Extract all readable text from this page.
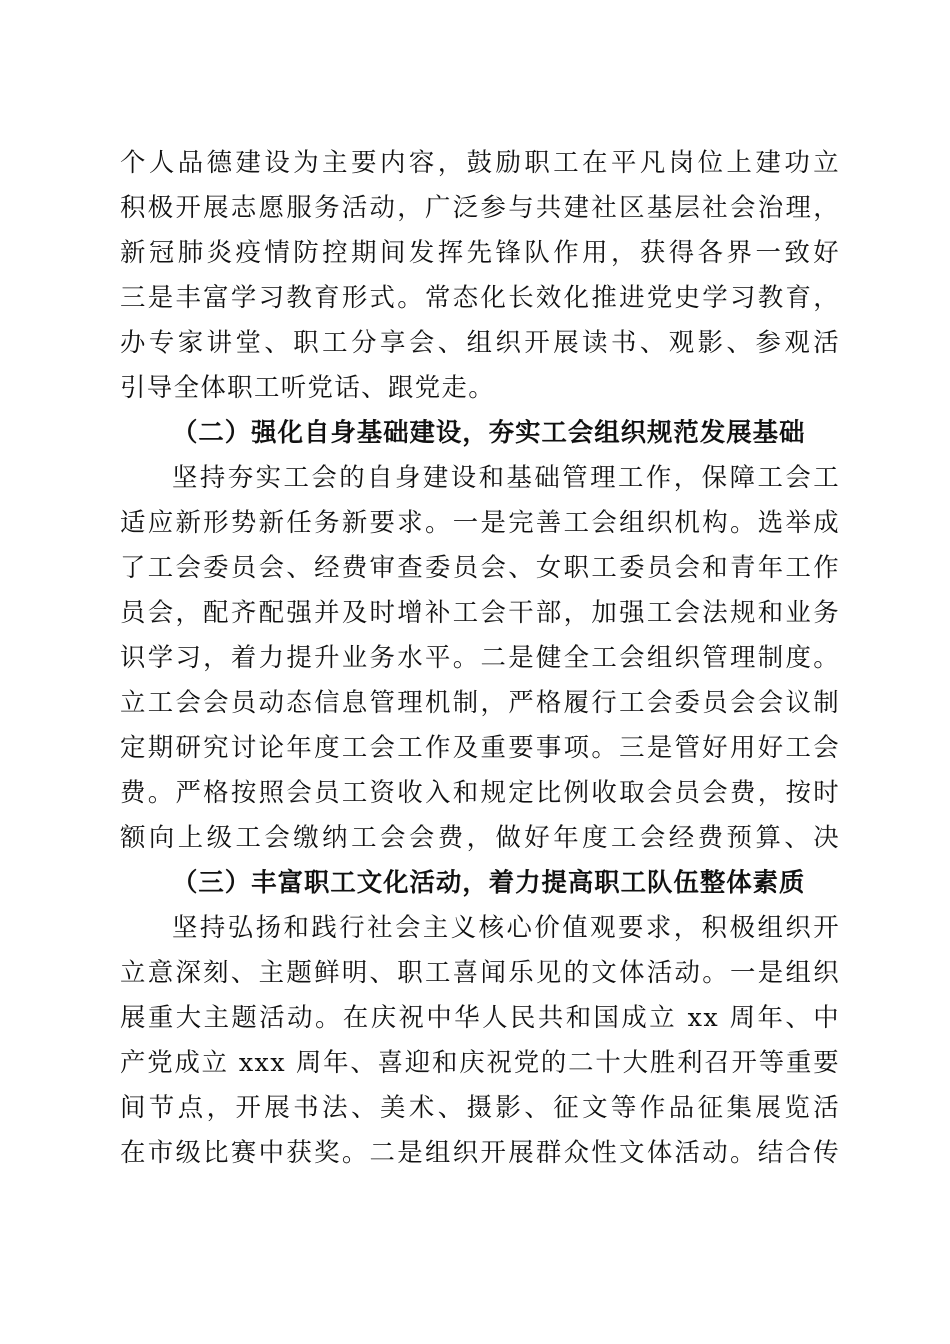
个人品德建设为主要内容，鼓励职工在平凡岗位上建功立
积极开展志愿服务活动，广泛参与共建社区基层社会治理，
新冠肺炎疫情防控期间发挥先锋队作用，获得各界一致好
三是丰富学习教育形式。常态化长效化推进党史学习教育，
办专家讲堂、职工分享会、组织开展读书、观影、参观活
引导全体职工听党话、跟党走。
（二）强化自身基础建设，夯实工会组织规范发展基础
坚持夯实工会的自身建设和基础管理工作，保障工会工
适应新形势新任务新要求。一是完善工会组织机构。选举成
了工会委员会、经费审查委员会、女职工委员会和青年工作
员会，配齐配强并及时增补工会干部，加强工会法规和业务
识学习，着力提升业务水平。二是健全工会组织管理制度。
立工会会员动态信息管理机制，严格履行工会委员会会议制
定期研究讨论年度工会工作及重要事项。三是管好用好工会
费。严格按照会员工资收入和规定比例收取会员会费，按时
额向上级工会缴纳工会会费，做好年度工会经费预算、决
（三）丰富职工文化活动，着力提高职工队伍整体素质
坚持弘扬和践行社会主义核心价值观要求，积极组织开
立意深刻、主题鲜明、职工喜闻乐见的文体活动。一是组织
展重大主题活动。在庆祝中华人民共和国成立 xx 周年、中
产党成立 xxx 周年、喜迎和庆祝党的二十大胜利召开等重要
间节点，开展书法、美术、摄影、征文等作品征集展览活
在市级比赛中获奖。二是组织开展群众性文体活动。结合传
